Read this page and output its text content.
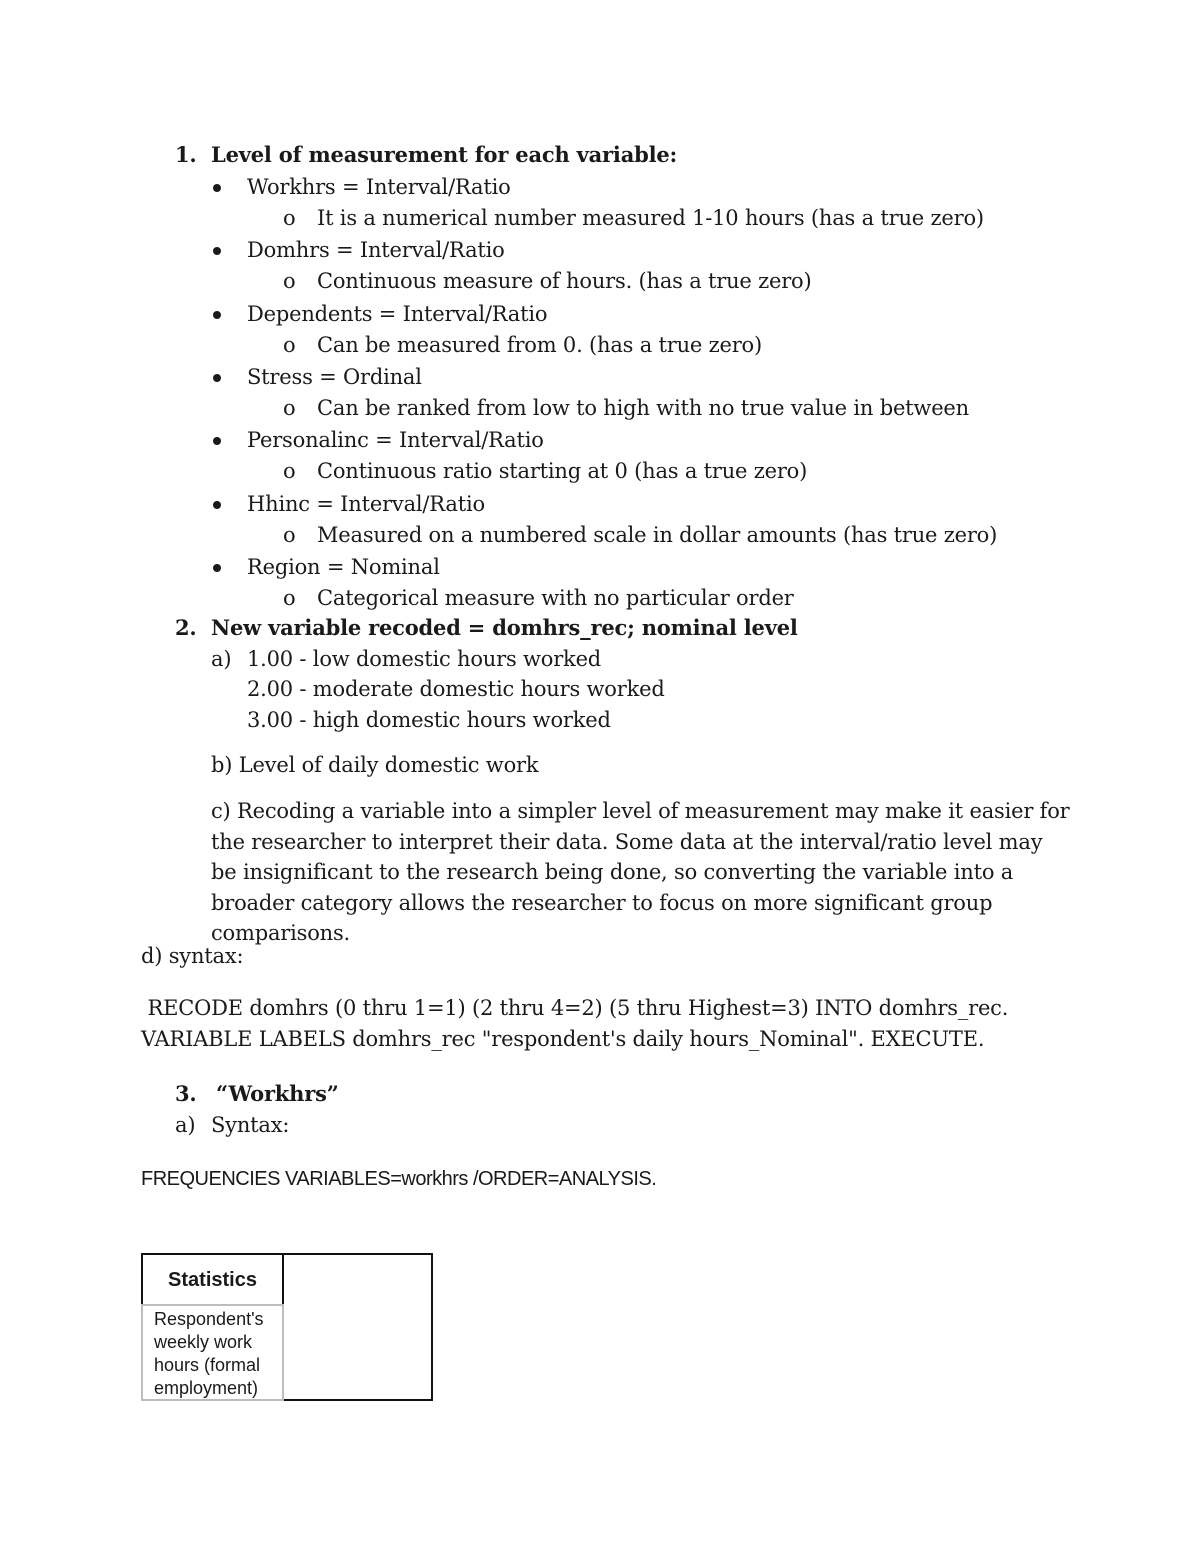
1. Level of measurement for each variable:
Workhrs = Interval/Ratio
o It is a numerical number measured 1-10 hours (has a true zero)
Domhrs = Interval/Ratio
o Continuous measure of hours. (has a true zero)
Dependents = Interval/Ratio
o Can be measured from 0. (has a true zero)
Stress = Ordinal
o Can be ranked from low to high with no true value in between
Personalinc = Interval/Ratio
o Continuous ratio starting at 0 (has a true zero)
Hhinc = Interval/Ratio
o Measured on a numbered scale in dollar amounts (has true zero)
Region = Nominal
o Categorical measure with no particular order
2. New variable recoded = domhrs_rec; nominal level
a) 1.00 - low domestic hours worked
2.00 - moderate domestic hours worked
3.00 - high domestic hours worked
b) Level of daily domestic work
c) Recoding a variable into a simpler level of measurement may make it easier for the researcher to interpret their data. Some data at the interval/ratio level may be insignificant to the research being done, so converting the variable into a broader category allows the researcher to focus on more significant group comparisons.
d) syntax:
RECODE domhrs (0 thru 1=1) (2 thru 4=2) (5 thru Highest=3) INTO domhrs_rec. VARIABLE LABELS domhrs_rec "respondent's daily hours_Nominal". EXECUTE.
3. “Workhrs”
a) Syntax:
FREQUENCIES VARIABLES=workhrs /ORDER=ANALYSIS.
Statistics
Respondent's weekly work hours (formal employment)
